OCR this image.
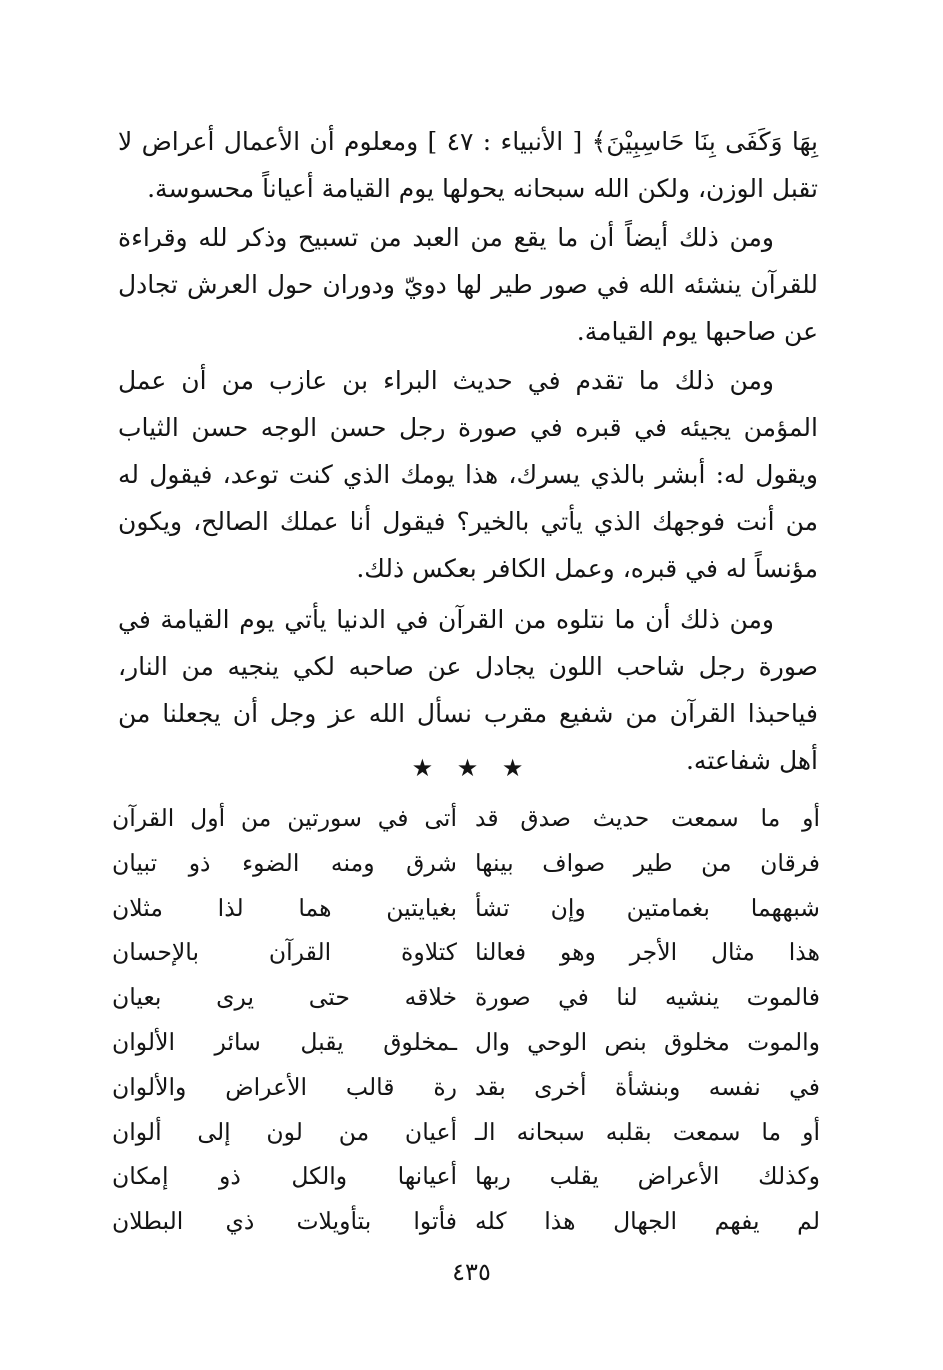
بِهَا وَكَفَى بِنَا حَاسِبِيْنَ﴾ [ الأنبياء : ٤٧ ] ومعلوم أن الأعمال أعراض لا تقبل الوزن، ولكن الله سبحانه يحولها يوم القيامة أعياناً محسوسة.

ومن ذلك أيضاً أن ما يقع من العبد من تسبيح وذكر لله وقراءة للقرآن ينشئه الله في صور طير لها دويّ ودوران حول العرش تجادل عن صاحبها يوم القيامة.

ومن ذلك ما تقدم في حديث البراء بن عازب من أن عمل المؤمن يجيئه في قبره في صورة رجل حسن الوجه حسن الثياب ويقول له: أبشر بالذي يسرك، هذا يومك الذي كنت توعد، فيقول له من أنت فوجهك الذي يأتي بالخير؟ فيقول أنا عملك الصالح، ويكون مؤنساً له في قبره، وعمل الكافر بعكس ذلك.

ومن ذلك أن ما نتلوه من القرآن في الدنيا يأتي يوم القيامة في صورة رجل شاحب اللون يجادل عن صاحبه لكي ينجيه من النار، فياحبذا القرآن من شفيع مقرب نسأل الله عز وجل أن يجعلنا من أهل شفاعته.

★ ★ ★
أو ما سمعت حديث صدق قد
أتى في سورتين من أول القرآن
فرقان من طير صواف بينها
شرق ومنه الضوء ذو تبيان
شبههما بغمامتين وإن تشأ
بغيايتين هما لذا مثلان
هذا مثال الأجر وهو فعالنا
كتلاوة القرآن بالإحسان
فالموت ينشيه لنا في صورة
خلاقه حتى يرى بعيان
والموت مخلوق بنص الوحي وال
ـمخلوق يقبل سائر الألوان
في نفسه وبنشأة أخرى بقد
رة قالب الأعراض والألوان
أو ما سمعت بقلبه سبحانه الـ
أعيان من لون إلى ألوان
وكذلك الأعراض يقلب ربها
أعيانها والكل ذو إمكان
لم يفهم الجهال هذا كله
فأتوا بتأويلات ذي البطلان
٤٣٥
